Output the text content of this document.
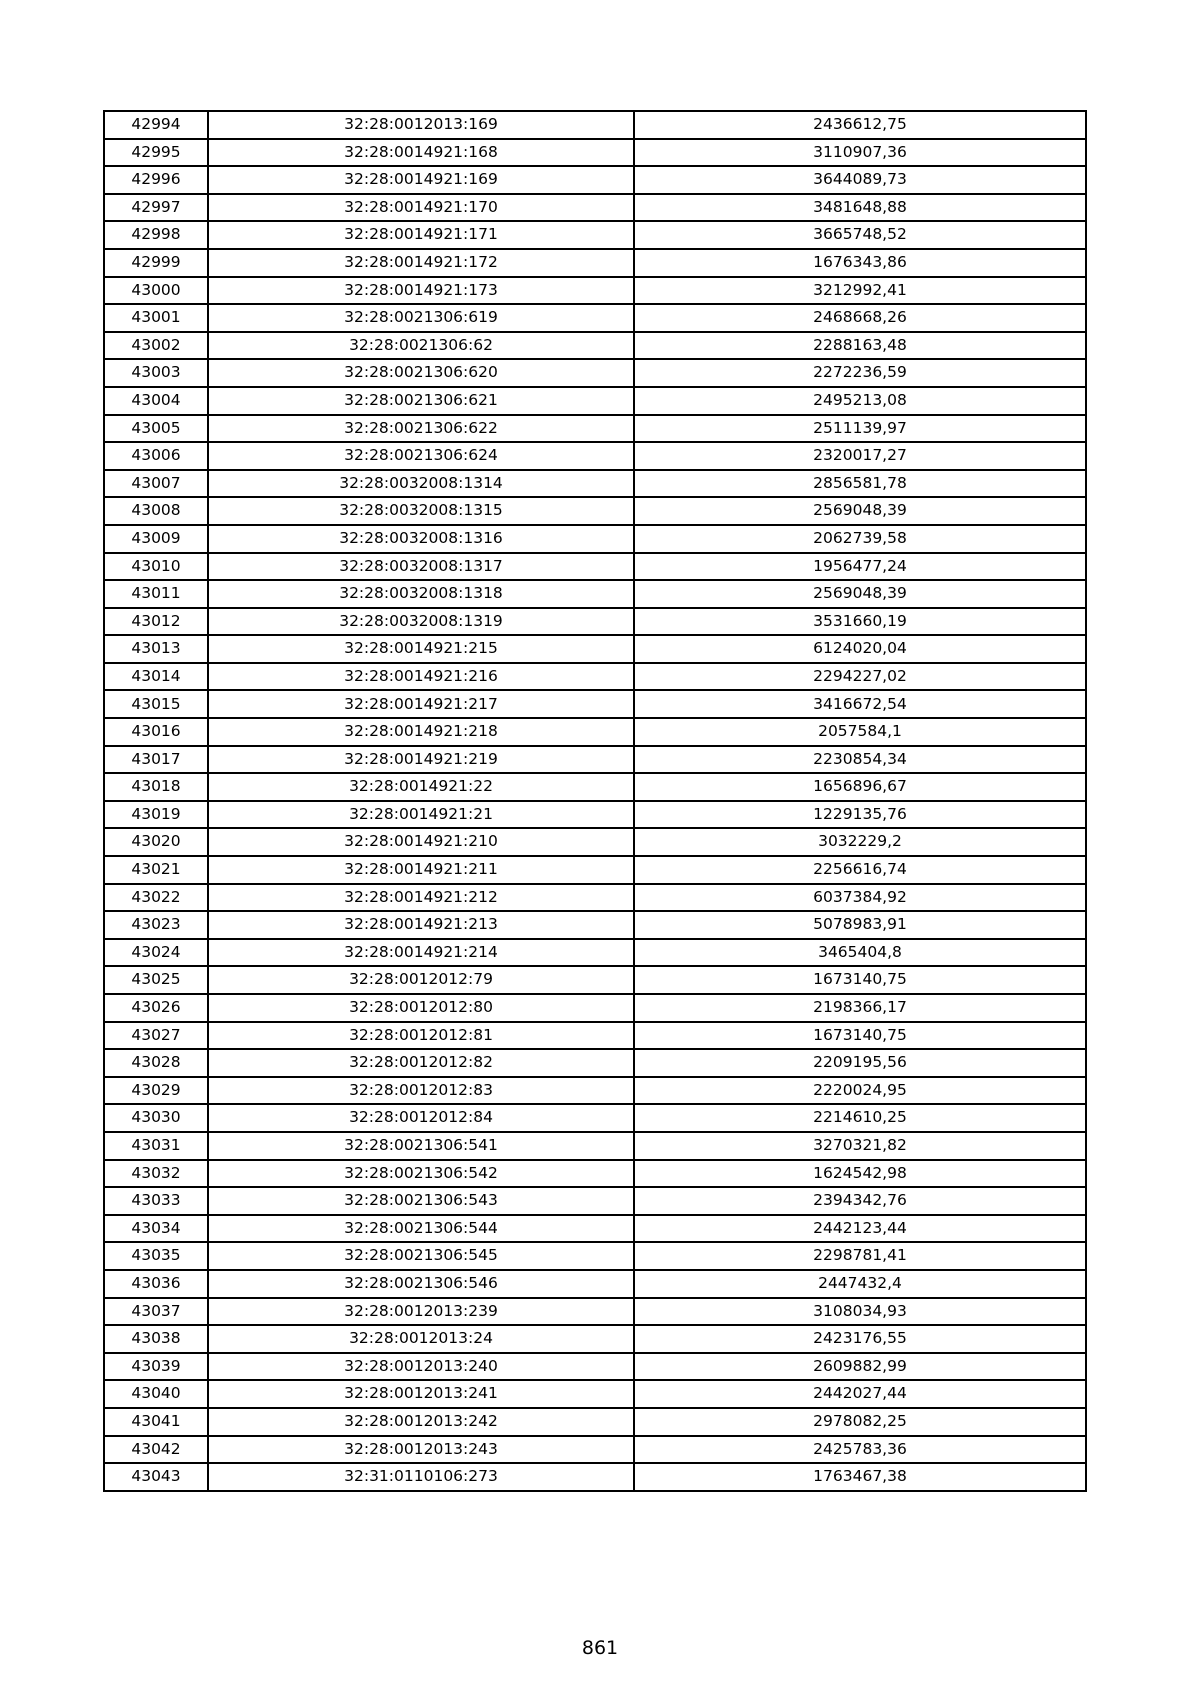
42994	32:28:0012013:169	2436612,75
42995	32:28:0014921:168	3110907,36
42996	32:28:0014921:169	3644089,73
42997	32:28:0014921:170	3481648,88
42998	32:28:0014921:171	3665748,52
42999	32:28:0014921:172	1676343,86
43000	32:28:0014921:173	3212992,41
43001	32:28:0021306:619	2468668,26
43002	32:28:0021306:62	2288163,48
43003	32:28:0021306:620	2272236,59
43004	32:28:0021306:621	2495213,08
43005	32:28:0021306:622	2511139,97
43006	32:28:0021306:624	2320017,27
43007	32:28:0032008:1314	2856581,78
43008	32:28:0032008:1315	2569048,39
43009	32:28:0032008:1316	2062739,58
43010	32:28:0032008:1317	1956477,24
43011	32:28:0032008:1318	2569048,39
43012	32:28:0032008:1319	3531660,19
43013	32:28:0014921:215	6124020,04
43014	32:28:0014921:216	2294227,02
43015	32:28:0014921:217	3416672,54
43016	32:28:0014921:218	2057584,1
43017	32:28:0014921:219	2230854,34
43018	32:28:0014921:22	1656896,67
43019	32:28:0014921:21	1229135,76
43020	32:28:0014921:210	3032229,2
43021	32:28:0014921:211	2256616,74
43022	32:28:0014921:212	6037384,92
43023	32:28:0014921:213	5078983,91
43024	32:28:0014921:214	3465404,8
43025	32:28:0012012:79	1673140,75
43026	32:28:0012012:80	2198366,17
43027	32:28:0012012:81	1673140,75
43028	32:28:0012012:82	2209195,56
43029	32:28:0012012:83	2220024,95
43030	32:28:0012012:84	2214610,25
43031	32:28:0021306:541	3270321,82
43032	32:28:0021306:542	1624542,98
43033	32:28:0021306:543	2394342,76
43034	32:28:0021306:544	2442123,44
43035	32:28:0021306:545	2298781,41
43036	32:28:0021306:546	2447432,4
43037	32:28:0012013:239	3108034,93
43038	32:28:0012013:24	2423176,55
43039	32:28:0012013:240	2609882,99
43040	32:28:0012013:241	2442027,44
43041	32:28:0012013:242	2978082,25
43042	32:28:0012013:243	2425783,36
43043	32:31:0110106:273	1763467,38
861
